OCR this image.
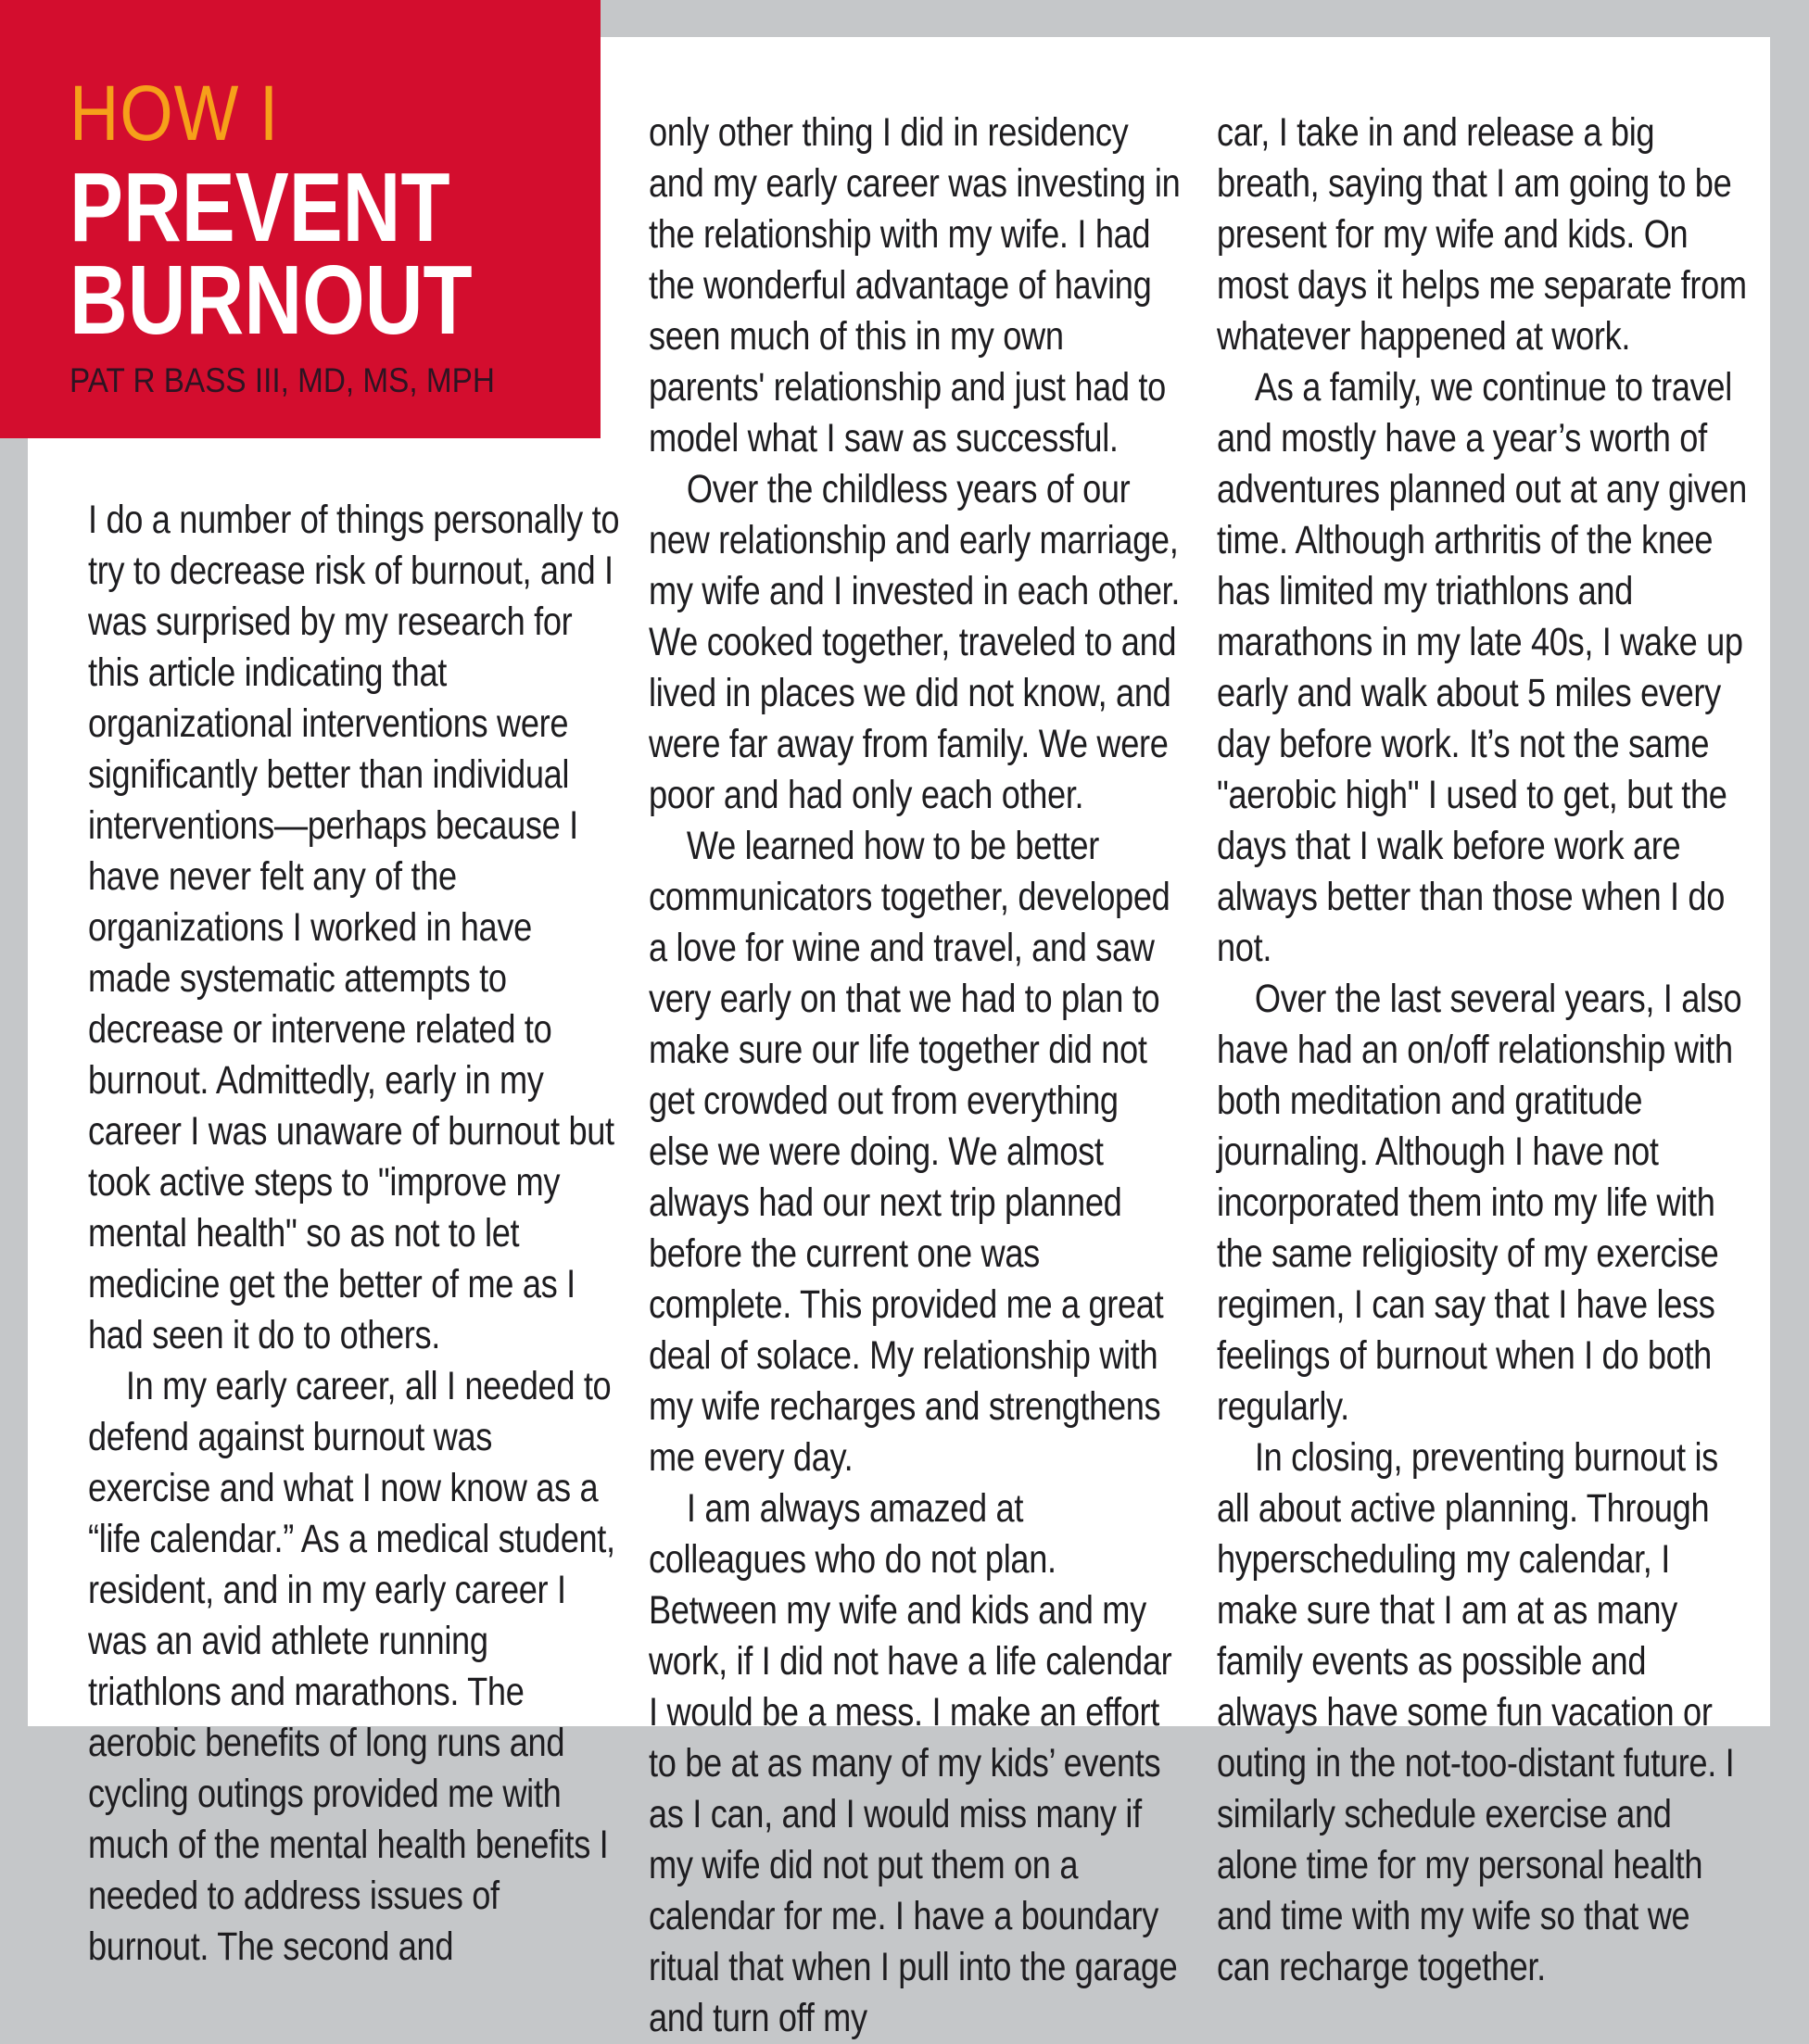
HOW I
PREVENT
BURNOUT
PAT R BASS III, MD, MS, MPH

I do a number of things personally to try to decrease risk of burnout, and I was surprised by my research for this article indicating that organizational interventions were significantly better than individual interventions—perhaps because I have never felt any of the organizations I worked in have made systematic attempts to decrease or intervene related to burnout. Admittedly, early in my career I was unaware of burnout but took active steps to "improve my mental health" so as not to let medicine get the better of me as I had seen it do to others.

In my early career, all I needed to defend against burnout was exercise and what I now know as a “life calendar.” As a medical student, resident, and in my early career I was an avid athlete running triathlons and marathons. The aerobic benefits of long runs and cycling outings provided me with much of the mental health benefits I needed to address issues of burnout. The second and

only other thing I did in residency and my early career was investing in the relationship with my wife. I had the wonderful advantage of having seen much of this in my own parents' relationship and just had to model what I saw as successful.

Over the childless years of our new relationship and early marriage, my wife and I invested in each other. We cooked together, traveled to and lived in places we did not know, and were far away from family. We were poor and had only each other.

We learned how to be better communicators together, developed a love for wine and travel, and saw very early on that we had to plan to make sure our life together did not get crowded out from everything else we were doing. We almost always had our next trip planned before the current one was complete. This provided me a great deal of solace. My relationship with my wife recharges and strengthens me every day.

I am always amazed at colleagues who do not plan. Between my wife and kids and my work, if I did not have a life calendar I would be a mess. I make an effort to be at as many of my kids’ events as I can, and I would miss many if my wife did not put them on a calendar for me. I have a boundary ritual that when I pull into the garage and turn off my

car, I take in and release a big breath, saying that I am going to be present for my wife and kids. On most days it helps me separate from whatever happened at work.

As a family, we continue to travel and mostly have a year’s worth of adventures planned out at any given time. Although arthritis of the knee has limited my triathlons and marathons in my late 40s, I wake up early and walk about 5 miles every day before work. It’s not the same "aerobic high" I used to get, but the days that I walk before work are always better than those when I do not.

Over the last several years, I also have had an on/off relationship with both meditation and gratitude journaling. Although I have not incorporated them into my life with the same religiosity of my exercise regimen, I can say that I have less feelings of burnout when I do both regularly.

In closing, preventing burnout is all about active planning. Through hyperscheduling my calendar, I make sure that I am at as many family events as possible and always have some fun vacation or outing in the not-too-distant future. I similarly schedule exercise and alone time for my personal health and time with my wife so that we can recharge together.
